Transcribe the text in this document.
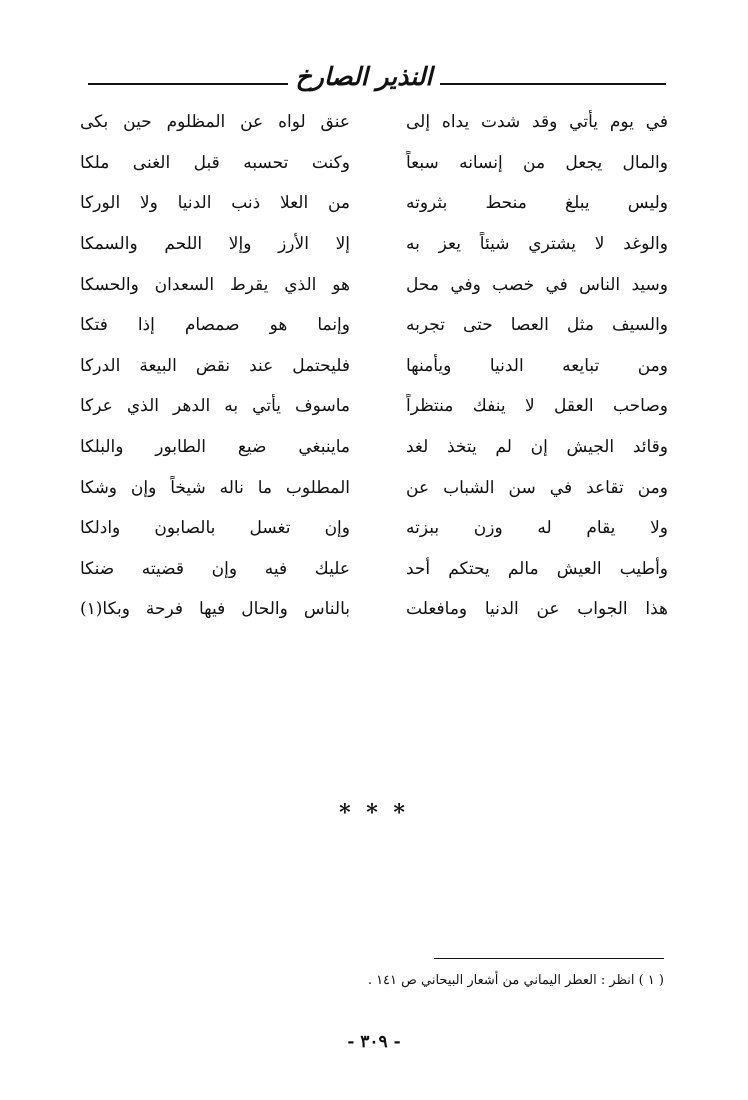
النذير الصارخ
في يوم يأتي وقد شدت يداه إلى
عنق لواه عن المظلوم حين بكى
والمال يجعل من إنسانه سبعاً
وكنت تحسبه قبل الغنى ملكا
وليس يبلغ منحط بثروته
من العلا ذنب الدنيا ولا الوركا
والوغد لا يشتري شيئاً يعز به
إلا الأرز وإلا اللحم والسمكا
وسيد الناس في خصب وفي محل
هو الذي يقرط السعدان والحسكا
والسيف مثل العصا حتى تجربه
وإنما هو صمصام إذا فتكا
ومن تبايعه الدنيا ويأمنها
فليحتمل عند نقض البيعة الدركا
وصاحب العقل لا ينفك منتظراً
ماسوف يأتي به الدهر الذي عركا
وقائد الجيش إن لم يتخذ لغد
ماينبغي ضيع الطابور والبلكا
ومن تقاعد في سن الشباب عن
المطلوب ما ناله شيخاً وإن وشكا
ولا يقام له وزن ببزته
وإن تغسل بالصابون وادلكا
وأطيب العيش مالم يحتكم أحد
عليك فيه وإن قضيته ضنكا
هذا الجواب عن الدنيا ومافعلت
بالناس والحال فيها فرحة وبكا(١)
* * *
( ١ ) انظر : العطر اليماني من أشعار البيحاني ص ١٤١ .
- ٣٠٩ -
